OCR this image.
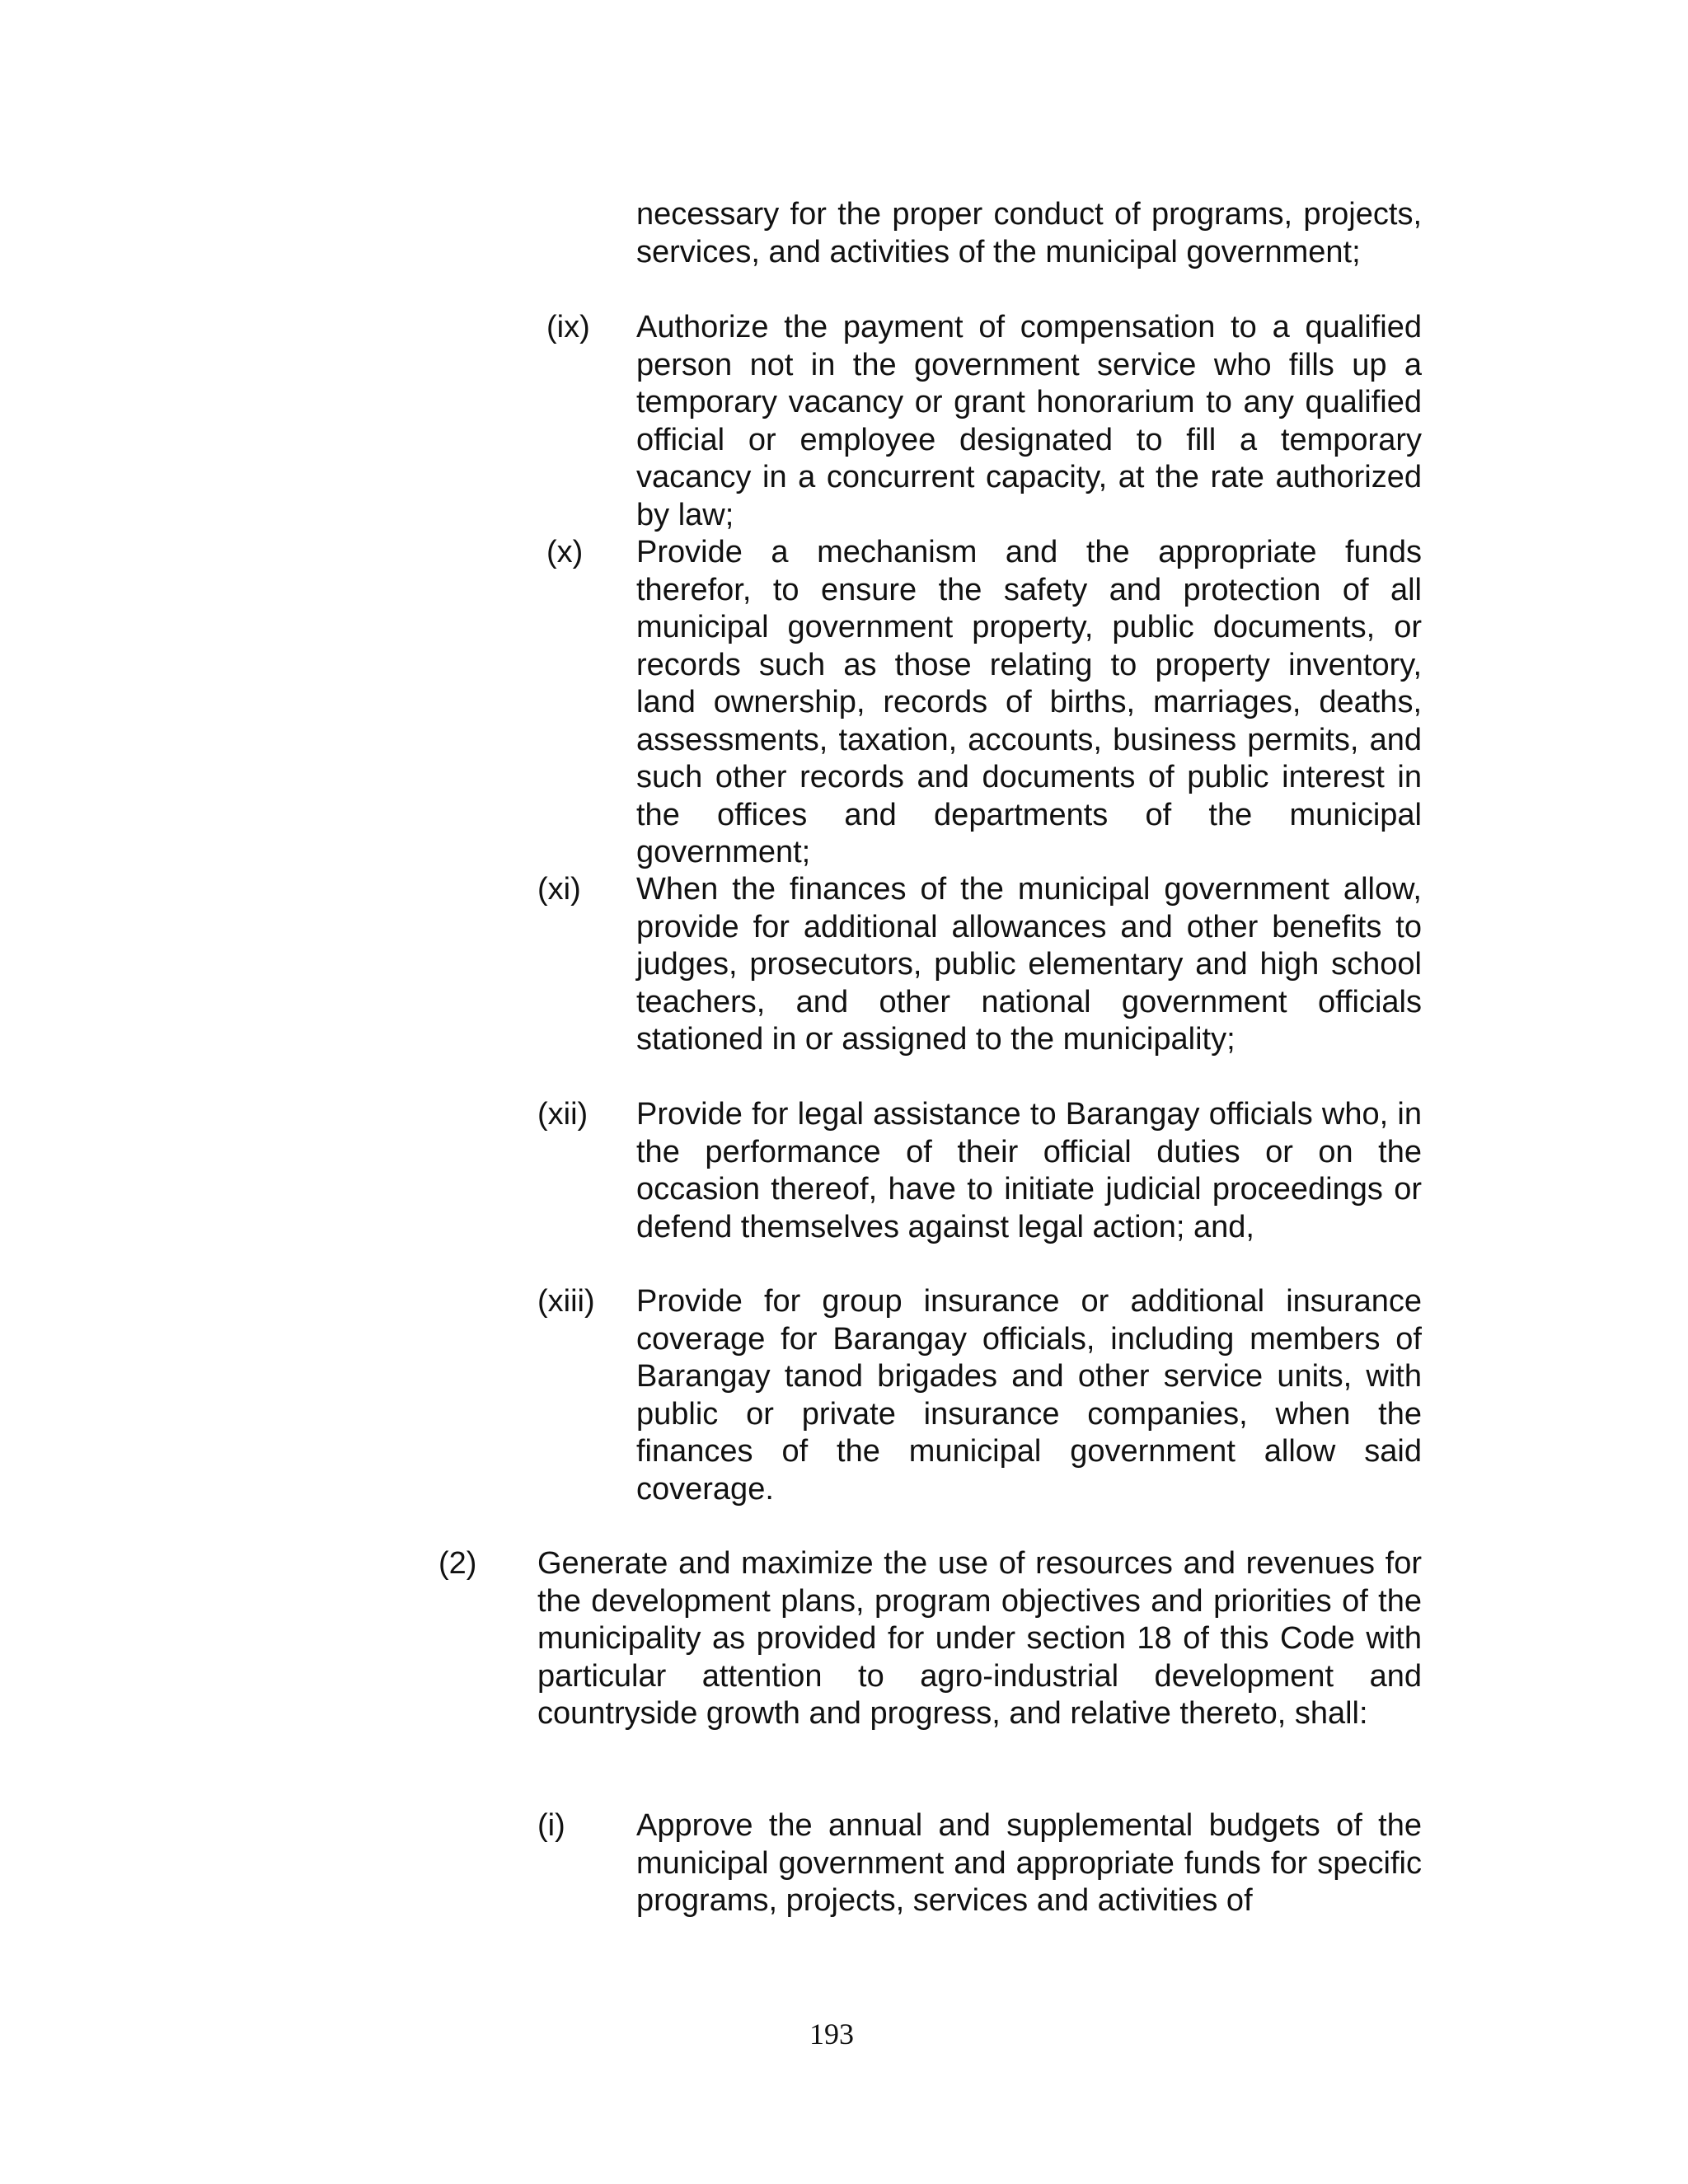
necessary for the proper conduct of programs, projects, services, and activities of the municipal government;
(ix) Authorize the payment of compensation to a qualified person not in the government service who fills up a temporary vacancy or grant honorarium to any qualified official or employee designated to fill a temporary vacancy in a concurrent capacity, at the rate authorized by law;
(x) Provide a mechanism and the appropriate funds therefor, to ensure the safety and protection of all municipal government property, public documents, or records such as those relating to property inventory, land ownership, records of births, marriages, deaths, assessments, taxation, accounts, business permits, and such other records and documents of public interest in the offices and departments of the municipal government;
(xi) When the finances of the municipal government allow, provide for additional allowances and other benefits to judges, prosecutors, public elementary and high school teachers, and other national government officials stationed in or assigned to the municipality;
(xii) Provide for legal assistance to Barangay officials who, in the performance of their official duties or on the occasion thereof, have to initiate judicial proceedings or defend themselves against legal action; and,
(xiii) Provide for group insurance or additional insurance coverage for Barangay officials, including members of Barangay tanod brigades and other service units, with public or private insurance companies, when the finances of the municipal government allow said coverage.
(2) Generate and maximize the use of resources and revenues for the development plans, program objectives and priorities of the municipality as provided for under section 18 of this Code with particular attention to agro-industrial development and countryside growth and progress, and relative thereto, shall:
(i) Approve the annual and supplemental budgets of the municipal government and appropriate funds for specific programs, projects, services and activities of
193
